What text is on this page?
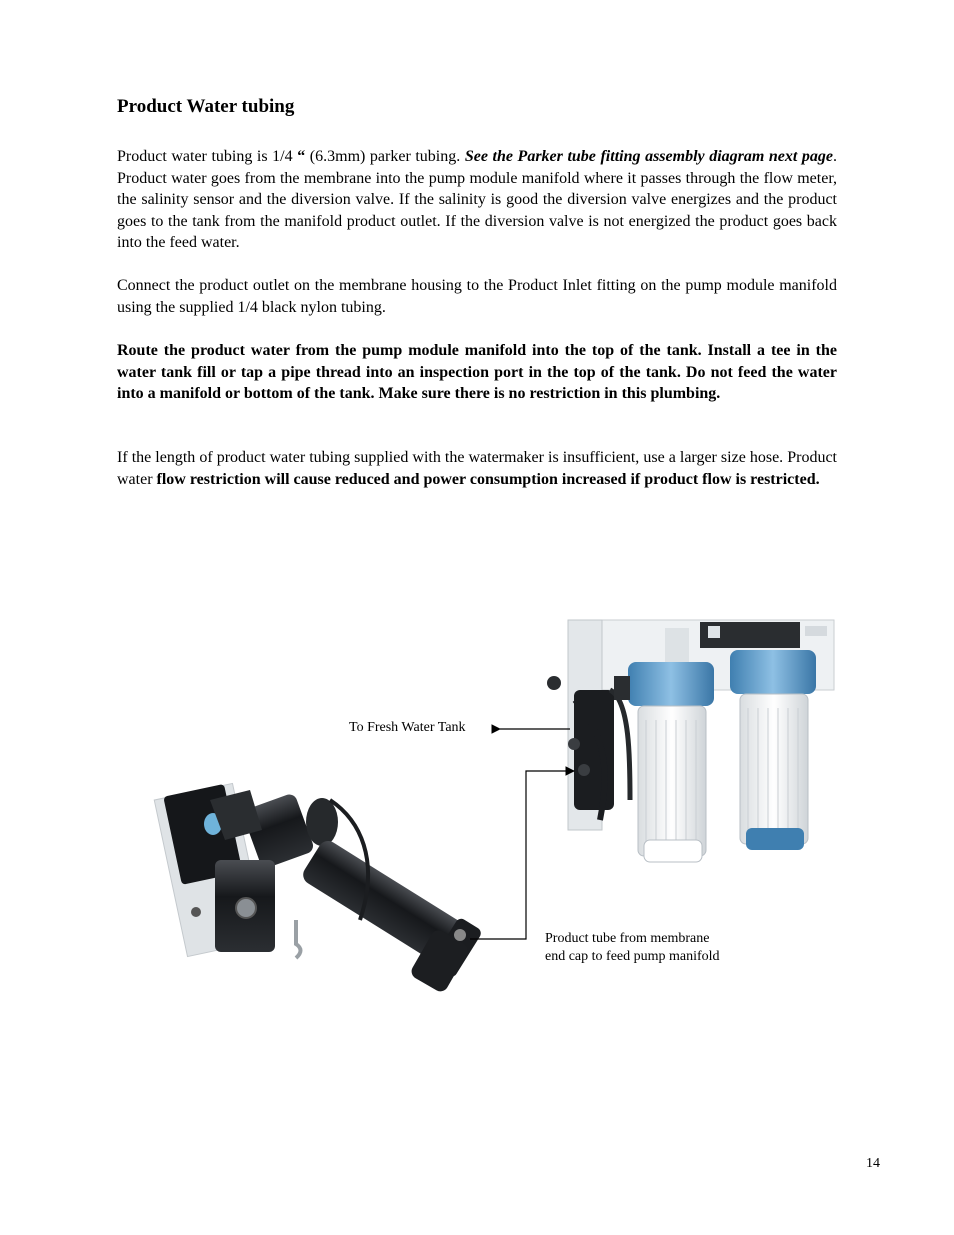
Product Water tubing

Product water tubing is 1/4 “ (6.3mm) parker tubing. See the Parker tube fitting assembly diagram next page. Product water goes from the membrane into the pump module manifold where it passes through the flow meter, the salinity sensor and the diversion valve. If the salinity is good the diversion valve energizes and the product goes to the tank from the manifold product outlet. If the diversion valve is not energized the product goes back into the feed water.

Connect the product outlet on the membrane housing to the Product Inlet fitting on the pump module manifold using the supplied 1/4 black nylon tubing.

Route the product water from the pump module manifold into the top of the tank. Install a tee in the water tank fill or tap a pipe thread into an inspection port in the top of the tank. Do not feed the water into a manifold or bottom of the tank. Make sure there is no restriction in this plumbing.

If the length of product water tubing supplied with the watermaker is insufficient, use a larger size hose. Product water flow restriction will cause reduced and power consumption increased if product flow is restricted.

To Fresh Water Tank

Product tube from membrane
end cap to feed pump manifold

14
